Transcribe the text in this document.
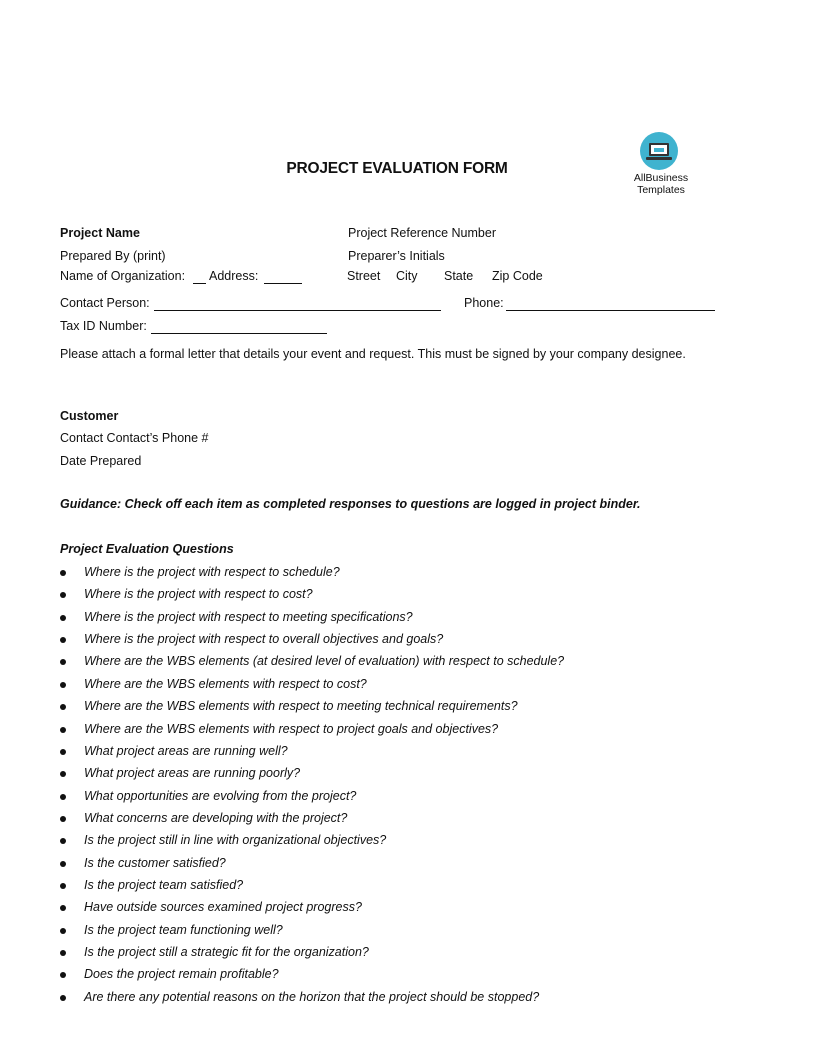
PROJECT EVALUATION FORM
AllBusiness
Templates
Project Name	Project Reference Number
Prepared By (print)	Preparer’s Initials
Name of Organization: Address:	Street City State Zip Code
Contact Person:	Phone:
Tax ID Number:
Please attach a formal letter that details your event and request. This must be signed by your company designee.
Customer
Contact Contact’s Phone #
Date Prepared
Guidance: Check off each item as completed responses to questions are logged in project binder.
Project Evaluation Questions
Where is the project with respect to schedule?
Where is the project with respect to cost?
Where is the project with respect to meeting specifications?
Where is the project with respect to overall objectives and goals?
Where are the WBS elements (at desired level of evaluation) with respect to schedule?
Where are the WBS elements with respect to cost?
Where are the WBS elements with respect to meeting technical requirements?
Where are the WBS elements with respect to project goals and objectives?
What project areas are running well?
What project areas are running poorly?
What opportunities are evolving from the project?
What concerns are developing with the project?
Is the project still in line with organizational objectives?
Is the customer satisfied?
Is the project team satisfied?
Have outside sources examined project progress?
Is the project team functioning well?
Is the project still a strategic fit for the organization?
Does the project remain profitable?
Are there any potential reasons on the horizon that the project should be stopped?
